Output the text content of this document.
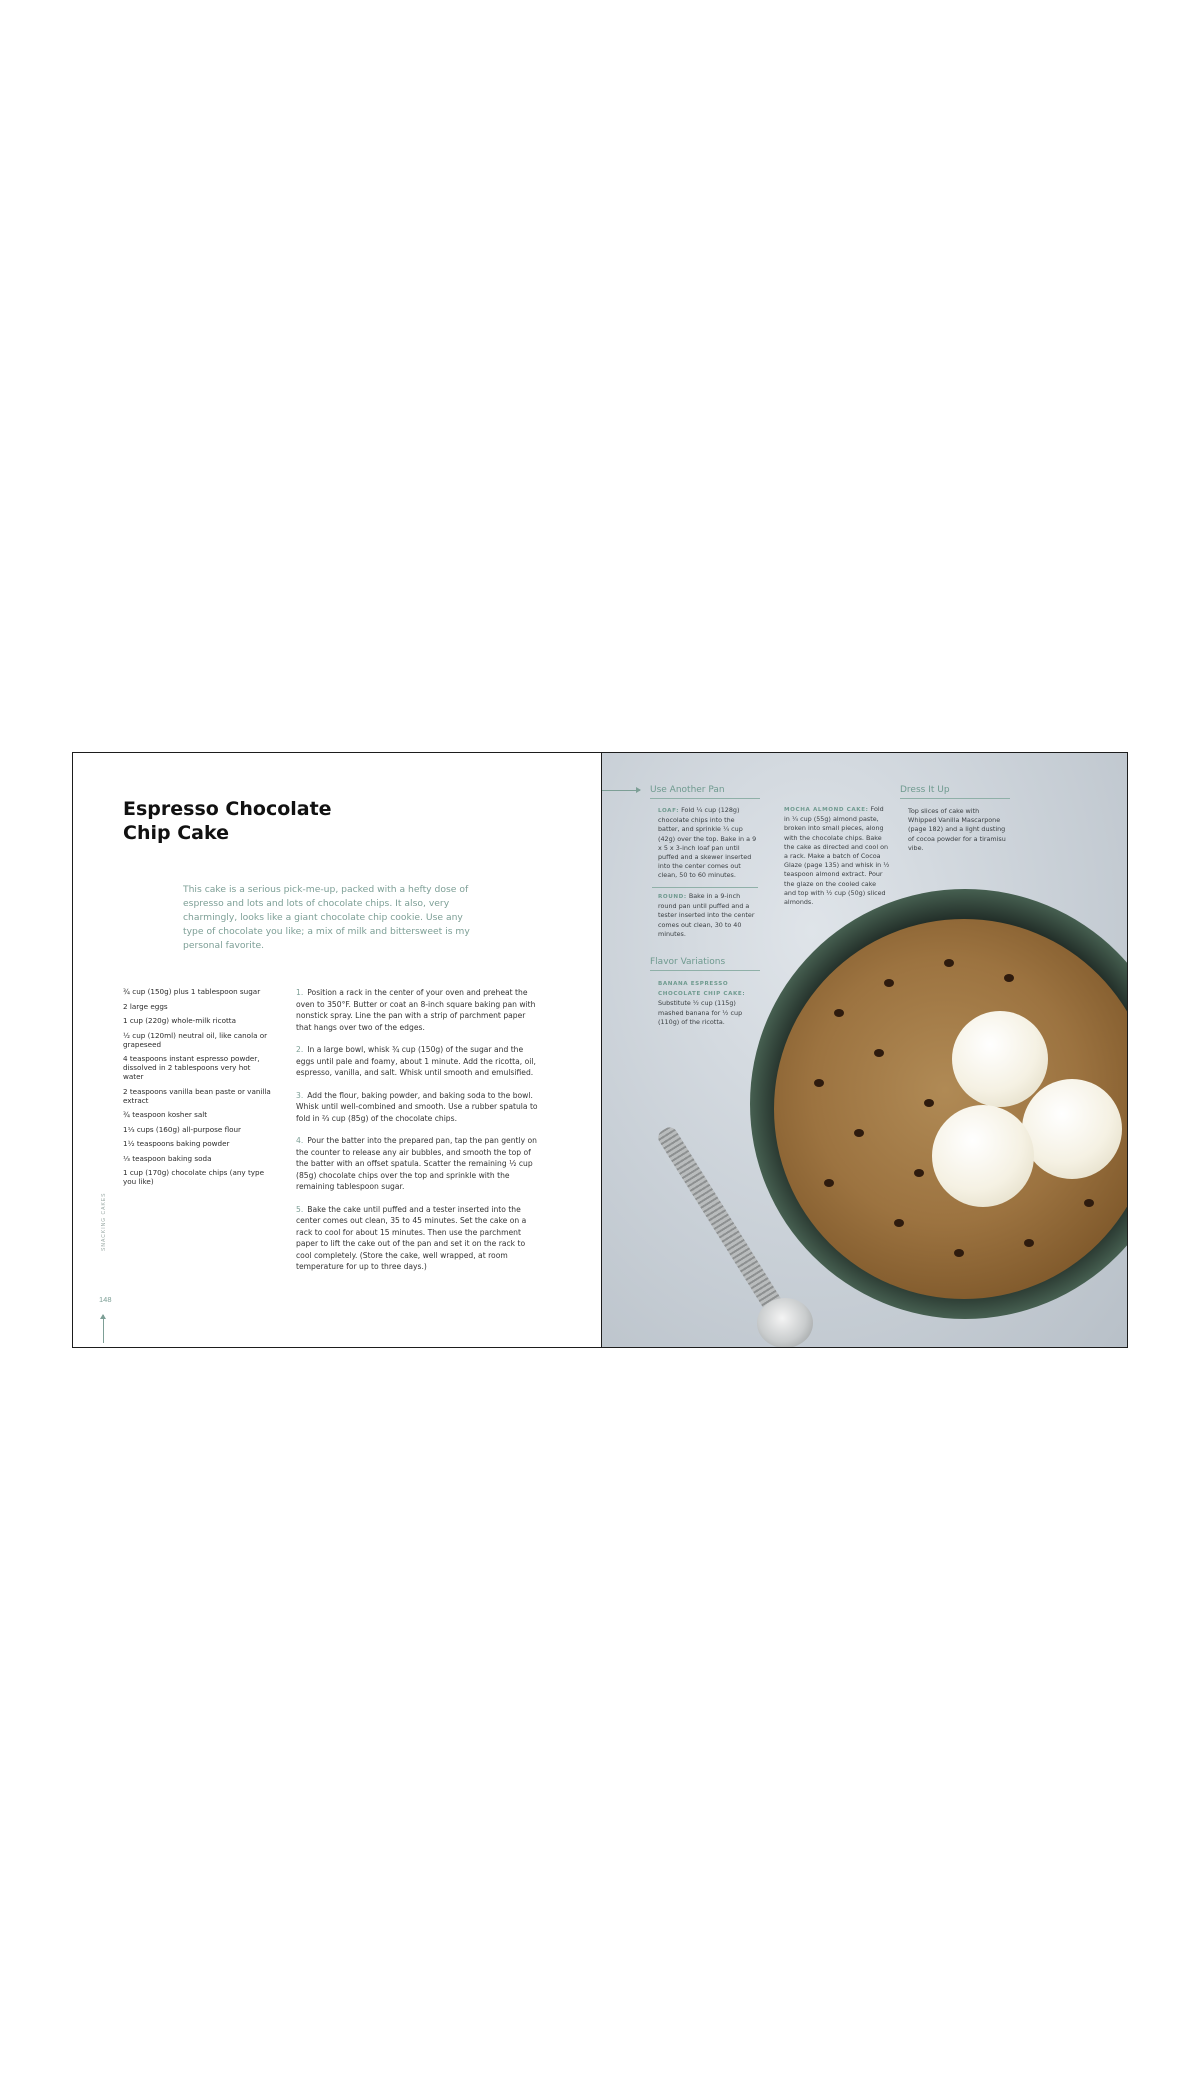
Espresso Chocolate
Chip Cake

This cake is a serious pick-me-up, packed with a hefty dose of espresso and lots and lots of chocolate chips. It also, very charmingly, looks like a giant chocolate chip cookie. Use any type of chocolate you like; a mix of milk and bittersweet is my personal favorite.

¾ cup (150g) plus 1 tablespoon sugar
2 large eggs
1 cup (220g) whole-milk ricotta
½ cup (120ml) neutral oil, like canola or grapeseed
4 teaspoons instant espresso powder, dissolved in 2 tablespoons very hot water
2 teaspoons vanilla bean paste or vanilla extract
¾ teaspoon kosher salt
1⅓ cups (160g) all-purpose flour
1½ teaspoons baking powder
⅓ teaspoon baking soda
1 cup (170g) chocolate chips (any type you like)

1. Position a rack in the center of your oven and preheat the oven to 350°F. Butter or coat an 8-inch square baking pan with nonstick spray. Line the pan with a strip of parchment paper that hangs over two of the edges.

2. In a large bowl, whisk ¾ cup (150g) of the sugar and the eggs until pale and foamy, about 1 minute. Add the ricotta, oil, espresso, vanilla, and salt. Whisk until smooth and emulsified.

3. Add the flour, baking powder, and baking soda to the bowl. Whisk until well-combined and smooth. Use a rubber spatula to fold in ⅔ cup (85g) of the chocolate chips.

4. Pour the batter into the prepared pan, tap the pan gently on the counter to release any air bubbles, and smooth the top of the batter with an offset spatula. Scatter the remaining ½ cup (85g) chocolate chips over the top and sprinkle with the remaining tablespoon sugar.

5. Bake the cake until puffed and a tester inserted into the center comes out clean, 35 to 45 minutes. Set the cake on a rack to cool for about 15 minutes. Then use the parchment paper to lift the cake out of the pan and set it on the rack to cool completely. (Store the cake, well wrapped, at room temperature for up to three days.)

SNACKING CAKES
148
Use Another Pan

LOAF: Fold ¼ cup (128g) chocolate chips into the batter, and sprinkle ¼ cup (42g) over the top. Bake in a 9 x 5 x 3-inch loaf pan until puffed and a skewer inserted into the center comes out clean, 50 to 60 minutes.

ROUND: Bake in a 9-inch round pan until puffed and a tester inserted into the center comes out clean, 30 to 40 minutes.

Flavor Variations

BANANA ESPRESSO CHOCOLATE CHIP CAKE: Substitute ½ cup (115g) mashed banana for ½ cup (110g) of the ricotta.

MOCHA ALMOND CAKE: Fold in ¼ cup (55g) almond paste, broken into small pieces, along with the chocolate chips. Bake the cake as directed and cool on a rack. Make a batch of Cocoa Glaze (page 135) and whisk in ½ teaspoon almond extract. Pour the glaze on the cooled cake and top with ½ cup (50g) sliced almonds.

Dress It Up

Top slices of cake with Whipped Vanilla Mascarpone (page 182) and a light dusting of cocoa powder for a tiramisu vibe.
